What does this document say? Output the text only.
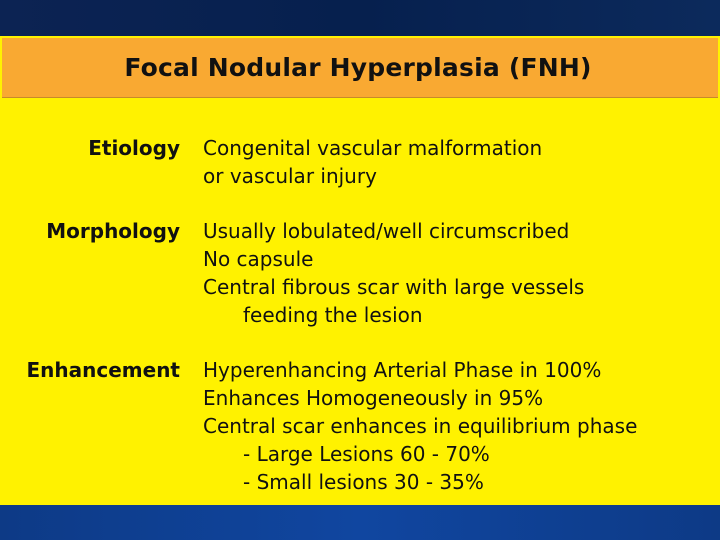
Focal Nodular Hyperplasia (FNH)
Etiology Congenital vascular malformation
or vascular injury
Morphology Usually lobulated/well circumscribed
No capsule
Central fibrous scar with large vessels
feeding the lesion
Enhancement Hyperenhancing Arterial Phase in 100%
Enhances Homogeneously in 95%
Central scar enhances in equilibrium phase
- Large Lesions 60 - 70%
- Small lesions 30 - 35%
